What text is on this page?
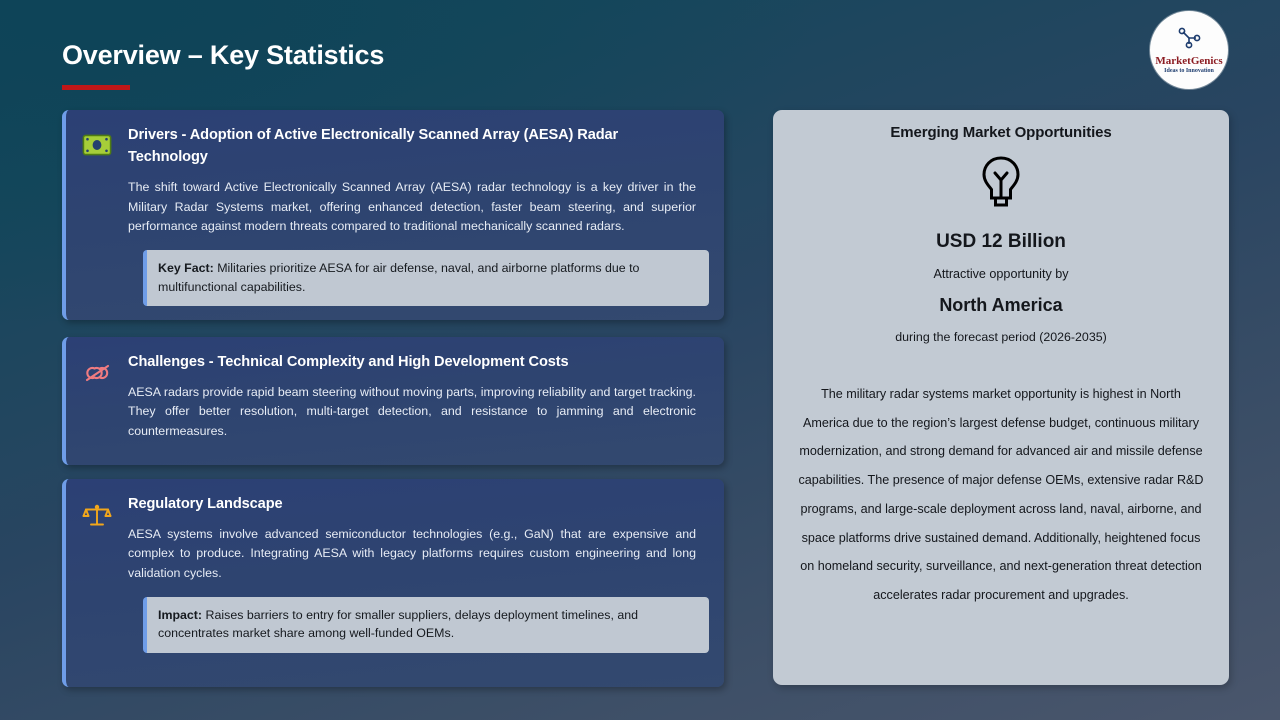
Overview – Key Statistics	MarketGenics
Ideas to Innovation
Drivers - Adoption of Active Electronically Scanned Array (AESA) Radar Technology
The shift toward Active Electronically Scanned Array (AESA) radar technology is a key driver in the Military Radar Systems market, offering enhanced detection, faster beam steering, and superior performance against modern threats compared to traditional mechanically scanned radars.
Key Fact: Militaries prioritize AESA for air defense, naval, and airborne platforms due to multifunctional capabilities.
Challenges - Technical Complexity and High Development Costs
AESA radars provide rapid beam steering without moving parts, improving reliability and target tracking. They offer better resolution, multi-target detection, and resistance to jamming and electronic countermeasures.
Regulatory Landscape
AESA systems involve advanced semiconductor technologies (e.g., GaN) that are expensive and complex to produce. Integrating AESA with legacy platforms requires custom engineering and long validation cycles.
Impact: Raises barriers to entry for smaller suppliers, delays deployment timelines, and concentrates market share among well-funded OEMs.
Emerging Market Opportunities
USD 12 Billion
Attractive opportunity by
North America
during the forecast period (2026-2035)
The military radar systems market opportunity is highest in North America due to the region’s largest defense budget, continuous military modernization, and strong demand for advanced air and missile defense capabilities. The presence of major defense OEMs, extensive radar R&D programs, and large-scale deployment across land, naval, airborne, and space platforms drive sustained demand. Additionally, heightened focus on homeland security, surveillance, and next-generation threat detection accelerates radar procurement and upgrades.
